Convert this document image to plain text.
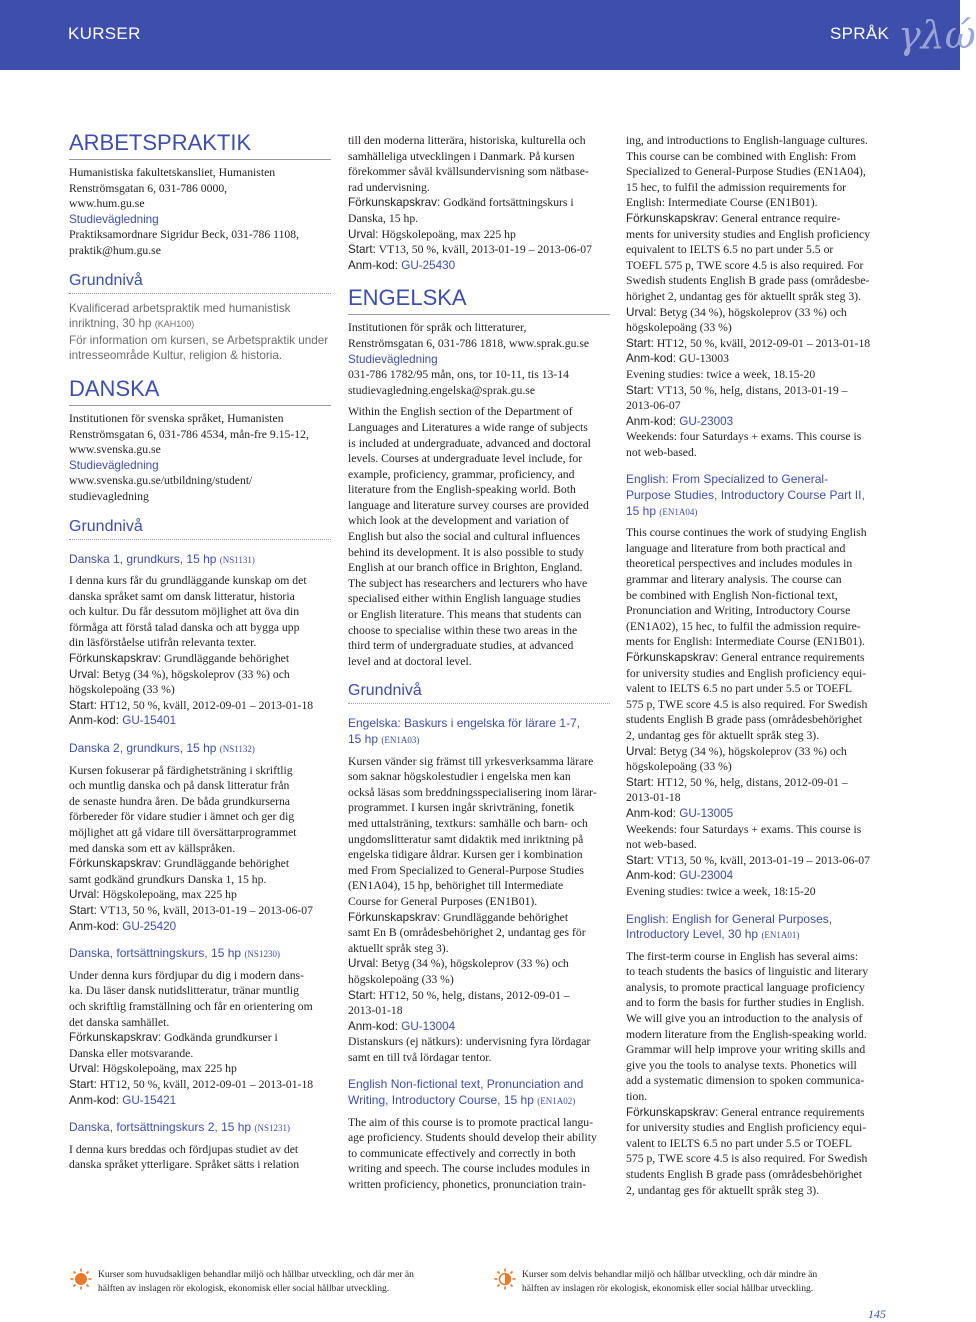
KURSER	SPRÅK γλώ
ARBETSPRAKTIK

Humanistiska fakultetskansliet, Humanisten

Renströmsgatan 6, 031-786 0000,

www.hum.gu.se

Studievägledning

Praktiksamordnare Sigridur Beck, 031-786 1108,

praktik@hum.gu.se

Grundnivå

Kvalificerad arbetspraktik med humanistisk

inriktning, 30 hp (KAH100)

För information om kursen, se Arbetspraktik under

intresseområde Kultur, religion & historia.

DANSKA

Institutionen för svenska språket, Humanisten

Renströmsgatan 6, 031-786 4534, mån-fre 9.15-12,

www.svenska.gu.se

Studievägledning

www.svenska.gu.se/utbildning/student/

studievagledning

Grundnivå
Danska 1, grundkurs, 15 hp (NS1131)

I denna kurs får du grundläggande kunskap om det

danska språket samt om dansk litteratur, historia

och kultur. Du får dessutom möjlighet att öva din

förmåga att förstå talad danska och att bygga upp

din läsförståelse utifrån relevanta texter.

Förkunskapskrav: Grundläggande behörighet

Urval: Betyg (34 %), högskoleprov (33 %) och

högskolepoäng (33 %)

Start: HT12, 50 %, kväll, 2012-09-01 – 2013-01-18

Anm-kod: GU-15401

Danska 2, grundkurs, 15 hp (NS1132)

Kursen fokuserar på färdighetsträning i skriftlig

och muntlig danska och på dansk litteratur från

de senaste hundra åren. De båda grundkurserna

förbereder för vidare studier i ämnet och ger dig

möjlighet att gå vidare till översättarprogrammet

med danska som ett av källspråken.

Förkunskapskrav: Grundläggande behörighet

samt godkänd grundkurs Danska 1, 15 hp.

Urval: Högskolepoäng, max 225 hp

Start: VT13, 50 %, kväll, 2013-01-19 – 2013-06-07

Anm-kod: GU-25420

Danska, fortsättningskurs, 15 hp (NS1230)

Under denna kurs fördjupar du dig i modern dans-

ka. Du läser dansk nutidslitteratur, tränar muntlig

och skriftlig framställning och får en orientering om

det danska samhället.

Förkunskapskrav: Godkända grundkurser i

Danska eller motsvarande.

Urval: Högskolepoäng, max 225 hp

Start: HT12, 50 %, kväll, 2012-09-01 – 2013-01-18

Anm-kod: GU-15421

Danska, fortsättningskurs 2, 15 hp (NS1231)

I denna kurs breddas och fördjupas studiet av det

danska språket ytterligare. Språket sätts i relation

till den moderna litterära, historiska, kulturella och

samhälleliga utvecklingen i Danmark. På kursen

förekommer såväl kvällsundervisning som nätbase-

rad undervisning.

Förkunskapskrav: Godkänd fortsättningskurs i

Danska, 15 hp.

Urval: Högskolepoäng, max 225 hp

Start: VT13, 50 %, kväll, 2013-01-19 – 2013-06-07

Anm-kod: GU-25430

ENGELSKA

Institutionen för språk och litteraturer,

Renströmsgatan 6, 031-786 1818, www.sprak.gu.se

Studievägledning

031-786 1782/95 mån, ons, tor 10-11, tis 13-14

studievagledning.engelska@sprak.gu.se

Within the English section of the Department of

Languages and Literatures a wide range of subjects

is included at undergraduate, advanced and doctoral

levels. Courses at undergraduate level include, for

example, proficiency, grammar, proficiency, and

literature from the English-speaking world. Both

language and literature survey courses are provided

which look at the development and variation of

English but also the social and cultural influences

behind its development. It is also possible to study

English at our branch office in Brighton, England.

The subject has researchers and lecturers who have

specialised either within English language studies

or English literature. This means that students can

choose to specialise within these two areas in the

third term of undergraduate studies, at advanced

level and at doctoral level.

Grundnivå
Engelska: Baskurs i engelska för lärare 1-7,
15 hp (EN1A03)

Kursen vänder sig främst till yrkesverksamma lärare

som saknar högskolestudier i engelska men kan

också läsas som breddningsspecialisering inom lärar-

programmet. I kursen ingår skrivträning, fonetik

med uttalsträning, textkurs: samhälle och barn- och

ungdomslitteratur samt didaktik med inriktning på

engelska tidigare åldrar. Kursen ger i kombination

med From Specialized to General-Purpose Studies

(EN1A04), 15 hp, behörighet till Intermediate

Course for General Purposes (EN1B01).

Förkunskapskrav: Grundläggande behörighet

samt En B (områdesbehörighet 2, undantag ges för

aktuellt språk steg 3).

Urval: Betyg (34 %), högskoleprov (33 %) och

högskolepoäng (33 %)

Start: HT12, 50 %, helg, distans, 2012-09-01 –

2013-01-18

Anm-kod: GU-13004

Distanskurs (ej nätkurs): undervisning fyra lördagar

samt en till två lördagar tentor.

English Non-fictional text, Pronunciation and
Writing, Introductory Course, 15 hp (EN1A02)

The aim of this course is to promote practical langu-

age proficiency. Students should develop their ability

to communicate effectively and correctly in both

writing and speech. The course includes modules in

written proficiency, phonetics, pronunciation train-

ing, and introductions to English-language cultures.

This course can be combined with English: From

Specialized to General-Purpose Studies (EN1A04),

15 hec, to fulfil the admission requirements for

English: Intermediate Course (EN1B01).

Förkunskapskrav: General entrance require-

ments for university studies and English proficiency

equivalent to IELTS 6.5 no part under 5.5 or

TOEFL 575 p, TWE score 4.5 is also required. For

Swedish students English B grade pass (områdesbe-

hörighet 2, undantag ges för aktuellt språk steg 3).

Urval: Betyg (34 %), högskoleprov (33 %) och

högskolepoäng (33 %)

Start: HT12, 50 %, kväll, 2012-09-01 – 2013-01-18

Anm-kod: GU-13003

Evening studies: twice a week, 18.15-20

Start: VT13, 50 %, helg, distans, 2013-01-19 –

2013-06-07

Anm-kod: GU-23003

Weekends: four Saturdays + exams. This course is

not web-based.

English: From Specialized to General-
Purpose Studies, Introductory Course Part II,
15 hp (EN1A04)

This course continues the work of studying English

language and literature from both practical and

theoretical perspectives and includes modules in

grammar and literary analysis. The course can

be combined with English Non-fictional text,

Pronunciation and Writing, Introductory Course

(EN1A02), 15 hec, to fulfil the admission require-

ments for English: Intermediate Course (EN1B01).

Förkunskapskrav: General entrance requirements

for university studies and English proficiency equi-

valent to IELTS 6.5 no part under 5.5 or TOEFL

575 p, TWE score 4.5 is also required. For Swedish

students English B grade pass (områdesbehörighet

2, undantag ges för aktuellt språk steg 3).

Urval: Betyg (34 %), högskoleprov (33 %) och

högskolepoäng (33 %)

Start: HT12, 50 %, helg, distans, 2012-09-01 –

2013-01-18

Anm-kod: GU-13005

Weekends: four Saturdays + exams. This course is

not web-based.

Start: VT13, 50 %, kväll, 2013-01-19 – 2013-06-07

Anm-kod: GU-23004

Evening studies: twice a week, 18:15-20

English: English for General Purposes,
Introductory Level, 30 hp (EN1A01)

The first-term course in English has several aims:

to teach students the basics of linguistic and literary

analysis, to promote practical language proficiency

and to form the basis for further studies in English.

We will give you an introduction to the analysis of

modern literature from the English-speaking world.

Grammar will help improve your writing skills and

give you the tools to analyse texts. Phonetics will

add a systematic dimension to spoken communica-

tion.

Förkunskapskrav: General entrance requirements

for university studies and English proficiency equi-

valent to IELTS 6.5 no part under 5.5 or TOEFL

575 p, TWE score 4.5 is also required. For Swedish

students English B grade pass (områdesbehörighet

2, undantag ges för aktuellt språk steg 3).

Kurser som huvudsakligen behandlar miljö och hållbar utveckling, och där mer än

hälften av inslagen rör ekologisk, ekonomisk eller social hållbar utveckling.

Kurser som delvis behandlar miljö och hållbar utveckling, och där mindre än

hälften av inslagen rör ekologisk, ekonomisk eller social hållbar utveckling.

145
